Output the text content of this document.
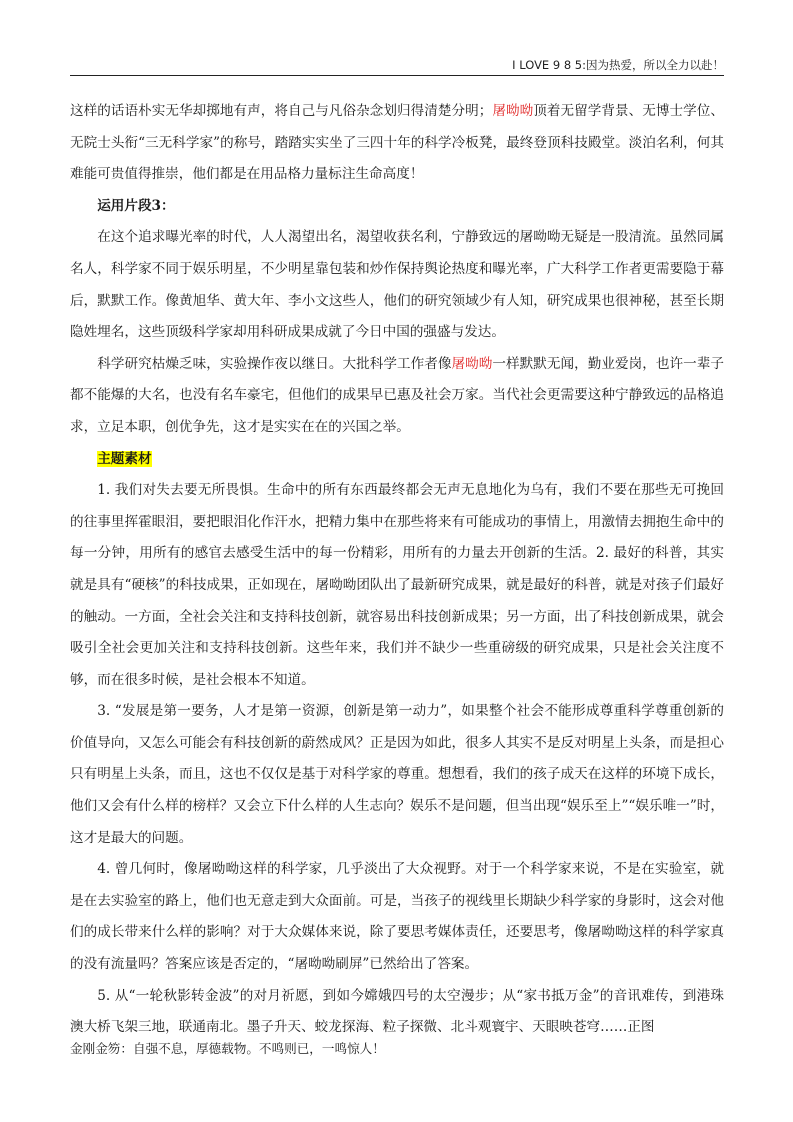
I LOVE 9 8 5:因为热爱，所以全力以赴！

这样的话语朴实无华却掷地有声，将自己与凡俗杂念划归得清楚分明；屠呦呦顶着无留学背景、无博士学位、无院士头衔“三无科学家”的称号，踏踏实实坐了三四十年的科学冷板凳，最终登顶科技殿堂。淡泊名利，何其难能可贵值得推崇，他们都是在用品格力量标注生命高度！

运用片段3：

在这个追求曝光率的时代，人人渴望出名，渴望收获名利，宁静致远的屠呦呦无疑是一股清流。虽然同属名人，科学家不同于娱乐明星，不少明星靠包装和炒作保持舆论热度和曝光率，广大科学工作者更需要隐于幕后，默默工作。像黄旭华、黄大年、李小文这些人，他们的研究领域少有人知，研究成果也很神秘，甚至长期隐姓埋名，这些顶级科学家却用科研成果成就了今日中国的强盛与发达。

科学研究枯燥乏味，实验操作夜以继日。大批科学工作者像屠呦呦一样默默无闻，勤业爱岗，也许一辈子都不能爆的大名，也没有名车豪宅，但他们的成果早已惠及社会万家。当代社会更需要这种宁静致远的品格追求，立足本职，创优争先，这才是实实在在的兴国之举。

主题素材

1. 我们对失去要无所畏惧。生命中的所有东西最终都会无声无息地化为乌有，我们不要在那些无可挽回的往事里挥霍眼泪，要把眼泪化作汗水，把精力集中在那些将来有可能成功的事情上，用激情去拥抱生命中的每一分钟，用所有的感官去感受生活中的每一份精彩，用所有的力量去开创新的生活。2. 最好的科普，其实就是具有“硬核”的科技成果，正如现在，屠呦呦团队出了最新研究成果，就是最好的科普，就是对孩子们最好的触动。一方面，全社会关注和支持科技创新，就容易出科技创新成果；另一方面，出了科技创新成果，就会吸引全社会更加关注和支持科技创新。这些年来，我们并不缺少一些重磅级的研究成果，只是社会关注度不够，而在很多时候，是社会根本不知道。

3. “发展是第一要务，人才是第一资源，创新是第一动力”，如果整个社会不能形成尊重科学尊重创新的价值导向，又怎么可能会有科技创新的蔚然成风？正是因为如此，很多人其实不是反对明星上头条，而是担心只有明星上头条，而且，这也不仅仅是基于对科学家的尊重。想想看，我们的孩子成天在这样的环境下成长，他们又会有什么样的榜样？又会立下什么样的人生志向？娱乐不是问题，但当出现“娱乐至上”“娱乐唯一”时，这才是最大的问题。

4. 曾几何时，像屠呦呦这样的科学家，几乎淡出了大众视野。对于一个科学家来说，不是在实验室，就是在去实验室的路上，他们也无意走到大众面前。可是，当孩子的视线里长期缺少科学家的身影时，这会对他们的成长带来什么样的影响？对于大众媒体来说，除了要思考媒体责任，还要思考，像屠呦呦这样的科学家真的没有流量吗？答案应该是否定的，“屠呦呦刷屏”已然给出了答案。

5. 从“一轮秋影转金波”的对月祈愿，到如今嫦娥四号的太空漫步；从“家书抵万金”的音讯难传，到港珠澳大桥飞架三地，联通南北。墨子升天、蛟龙探海、粒子探微、北斗观寰宇、天眼映苍穹……正图

金刚金笏：自强不息，厚德载物。不鸣则已，一鸣惊人！
